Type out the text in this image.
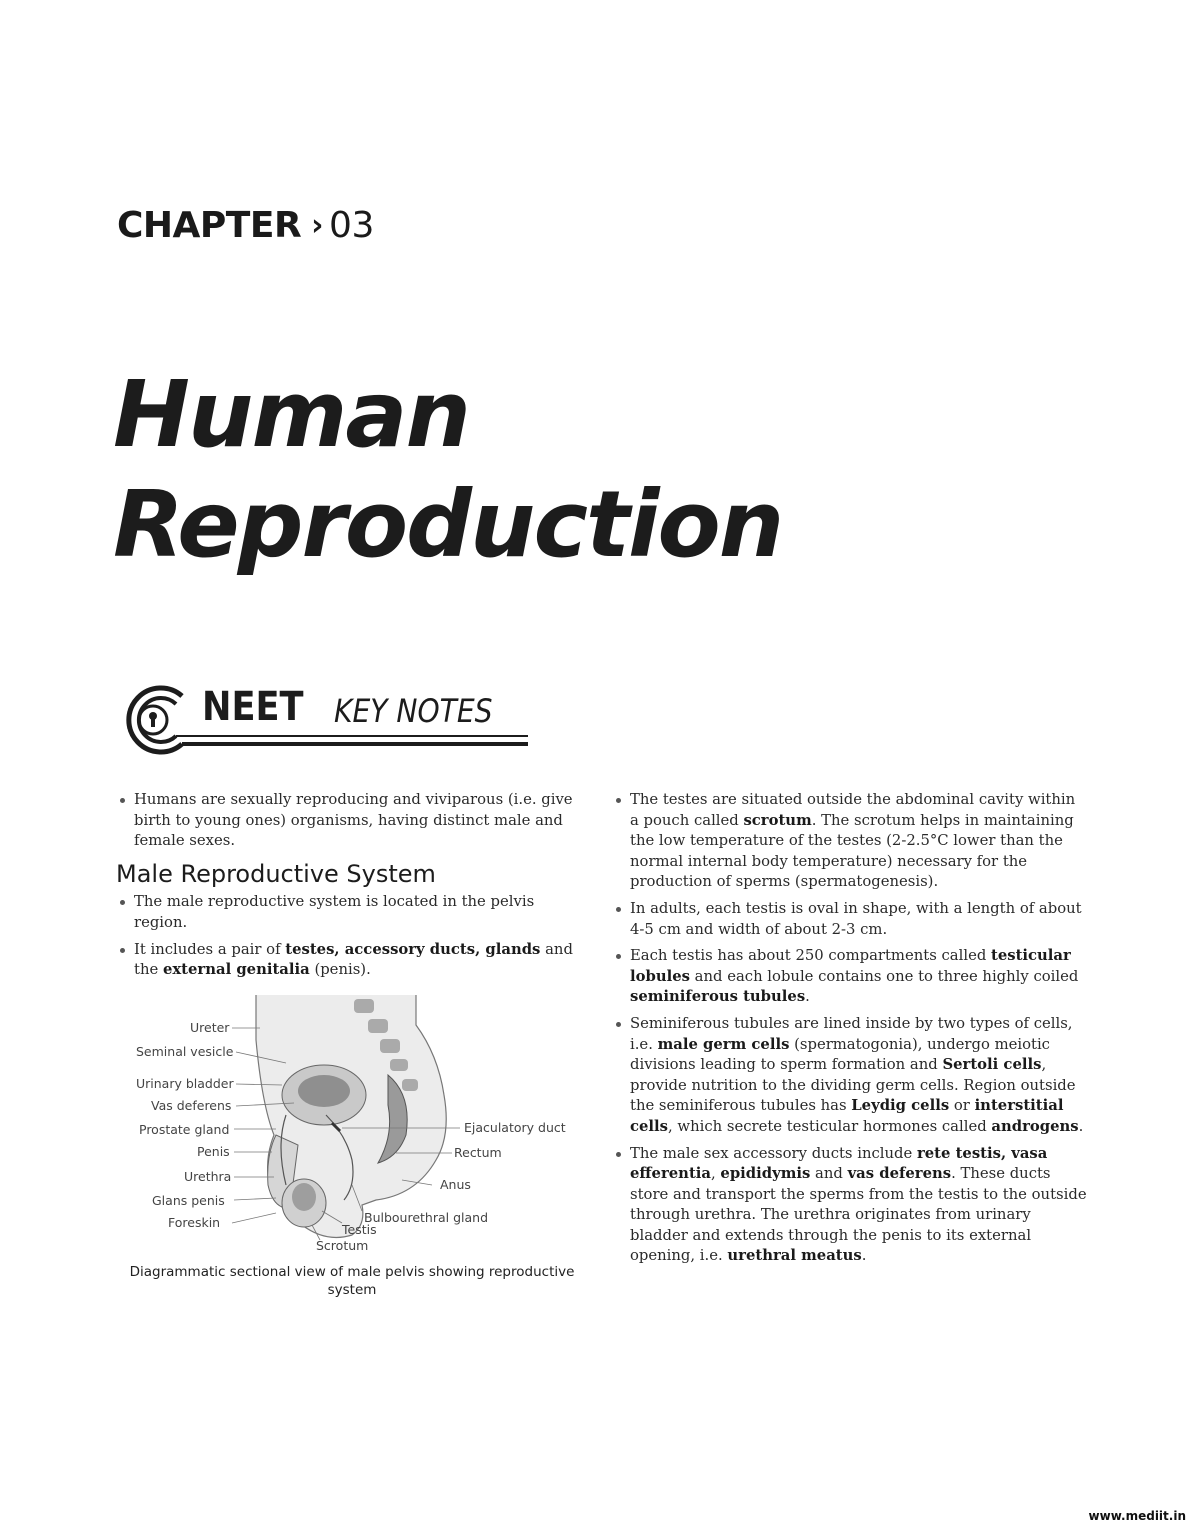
CHAPTER › 03
Human
Reproduction
NEET KEY NOTES
Humans are sexually reproducing and viviparous (i.e. give birth to young ones) organisms, having distinct male and female sexes.
Male Reproductive System
The male reproductive system is located in the pelvis region.
It includes a pair of testes, accessory ducts, glands and the external genitalia (penis).
Ureter
Seminal vesicle
Urinary bladder
Vas deferens
Prostate gland
Penis
Urethra
Glans penis
Foreskin	Testis
Scrotum
Bulbourethral gland
Anus
Rectum
Ejaculatory duct
Diagrammatic sectional view of male pelvis showing reproductive system
The testes are situated outside the abdominal cavity within a pouch called scrotum. The scrotum helps in maintaining the low temperature of the testes (2-2.5°C lower than the normal internal body temperature) necessary for the production of sperms (spermatogenesis).
In adults, each testis is oval in shape, with a length of about 4-5 cm and width of about 2-3 cm.
Each testis has about 250 compartments called testicular lobules and each lobule contains one to three highly coiled seminiferous tubules.
Seminiferous tubules are lined inside by two types of cells, i.e. male germ cells (spermatogonia), undergo meiotic divisions leading to sperm formation and Sertoli cells, provide nutrition to the dividing germ cells. Region outside the seminiferous tubules has Leydig cells or interstitial cells, which secrete testicular hormones called androgens.
The male sex accessory ducts include rete testis, vasa efferentia, epididymis and vas deferens. These ducts store and transport the sperms from the testis to the outside through urethra. The urethra originates from urinary bladder and extends through the penis to its external opening, i.e. urethral meatus.
www.mediit.in
